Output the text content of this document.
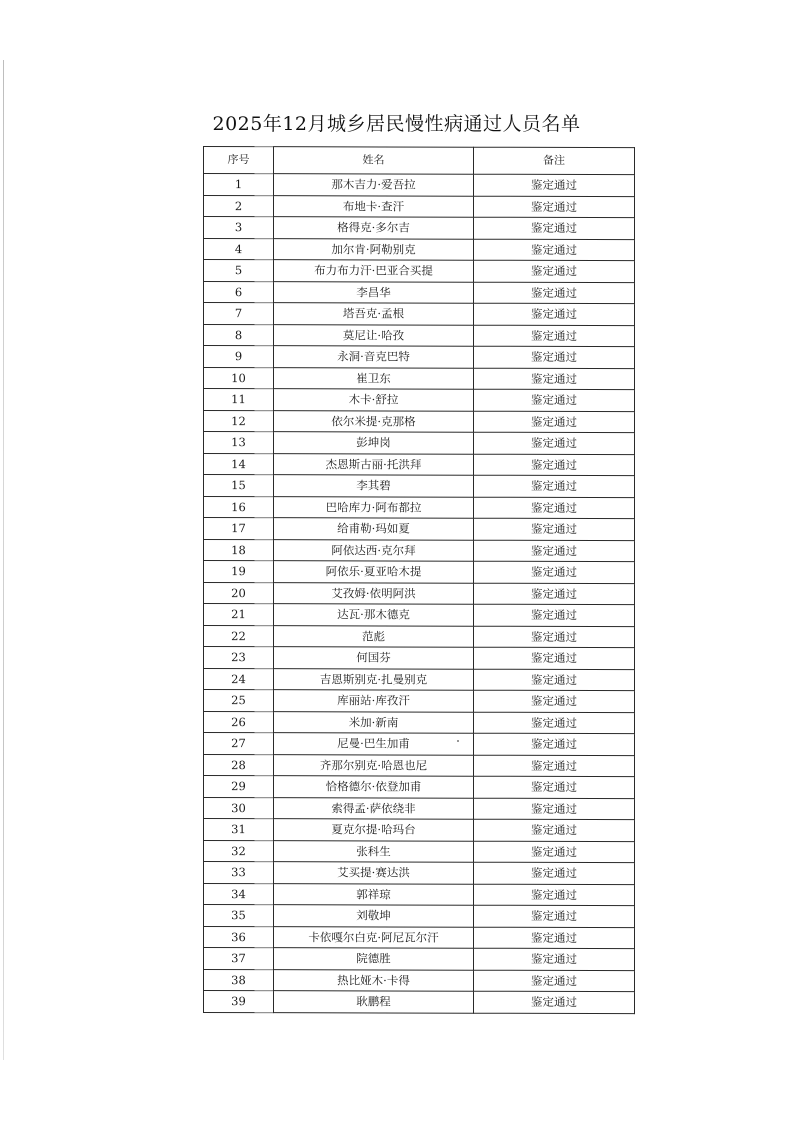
2025年12月城乡居民慢性病通过人员名单
序号	姓名	备注
1	那木吉力·爱吾拉	鉴定通过
2	布地卡·查汗	鉴定通过
3	格得克·多尔吉	鉴定通过
4	加尔肯·阿勒别克	鉴定通过
5	布力布力汗·巴亚合买提	鉴定通过
6	李昌华	鉴定通过
7	塔吾克·孟根	鉴定通过
8	莫尼让·哈孜	鉴定通过
9	永洞·音克巴特	鉴定通过
10	崔卫东	鉴定通过
11	木卡·舒拉	鉴定通过
12	依尔米提·克那格	鉴定通过
13	彭坤岗	鉴定通过
14	杰恩斯古丽·托洪拜	鉴定通过
15	李其碧	鉴定通过
16	巴哈库力·阿布都拉	鉴定通过
17	给甫勒·玛如夏	鉴定通过
18	阿依达西·克尔拜	鉴定通过
19	阿依乐·夏亚哈木提	鉴定通过
20	艾孜姆·依明阿洪	鉴定通过
21	达瓦·那木德克	鉴定通过
22	范彪	鉴定通过
23	何国芬	鉴定通过
24	吉恩斯别克·扎曼别克	鉴定通过
25	库丽站·库孜汗	鉴定通过
26	米加·新南	鉴定通过
27	尼曼·巴生加甫	鉴定通过
28	齐那尔别克·哈恩也尼	鉴定通过
29	恰格德尔·依登加甫	鉴定通过
30	索得孟·萨依绕非	鉴定通过
31	夏克尔提·哈玛台	鉴定通过
32	张科生	鉴定通过
33	艾买提·赛达洪	鉴定通过
34	郭祥琼	鉴定通过
35	刘敬坤	鉴定通过
36	卡依嘎尔白克·阿尼瓦尔汗	鉴定通过
37	院德胜	鉴定通过
38	热比娅木·卡得	鉴定通过
39	耿鹏程	鉴定通过
